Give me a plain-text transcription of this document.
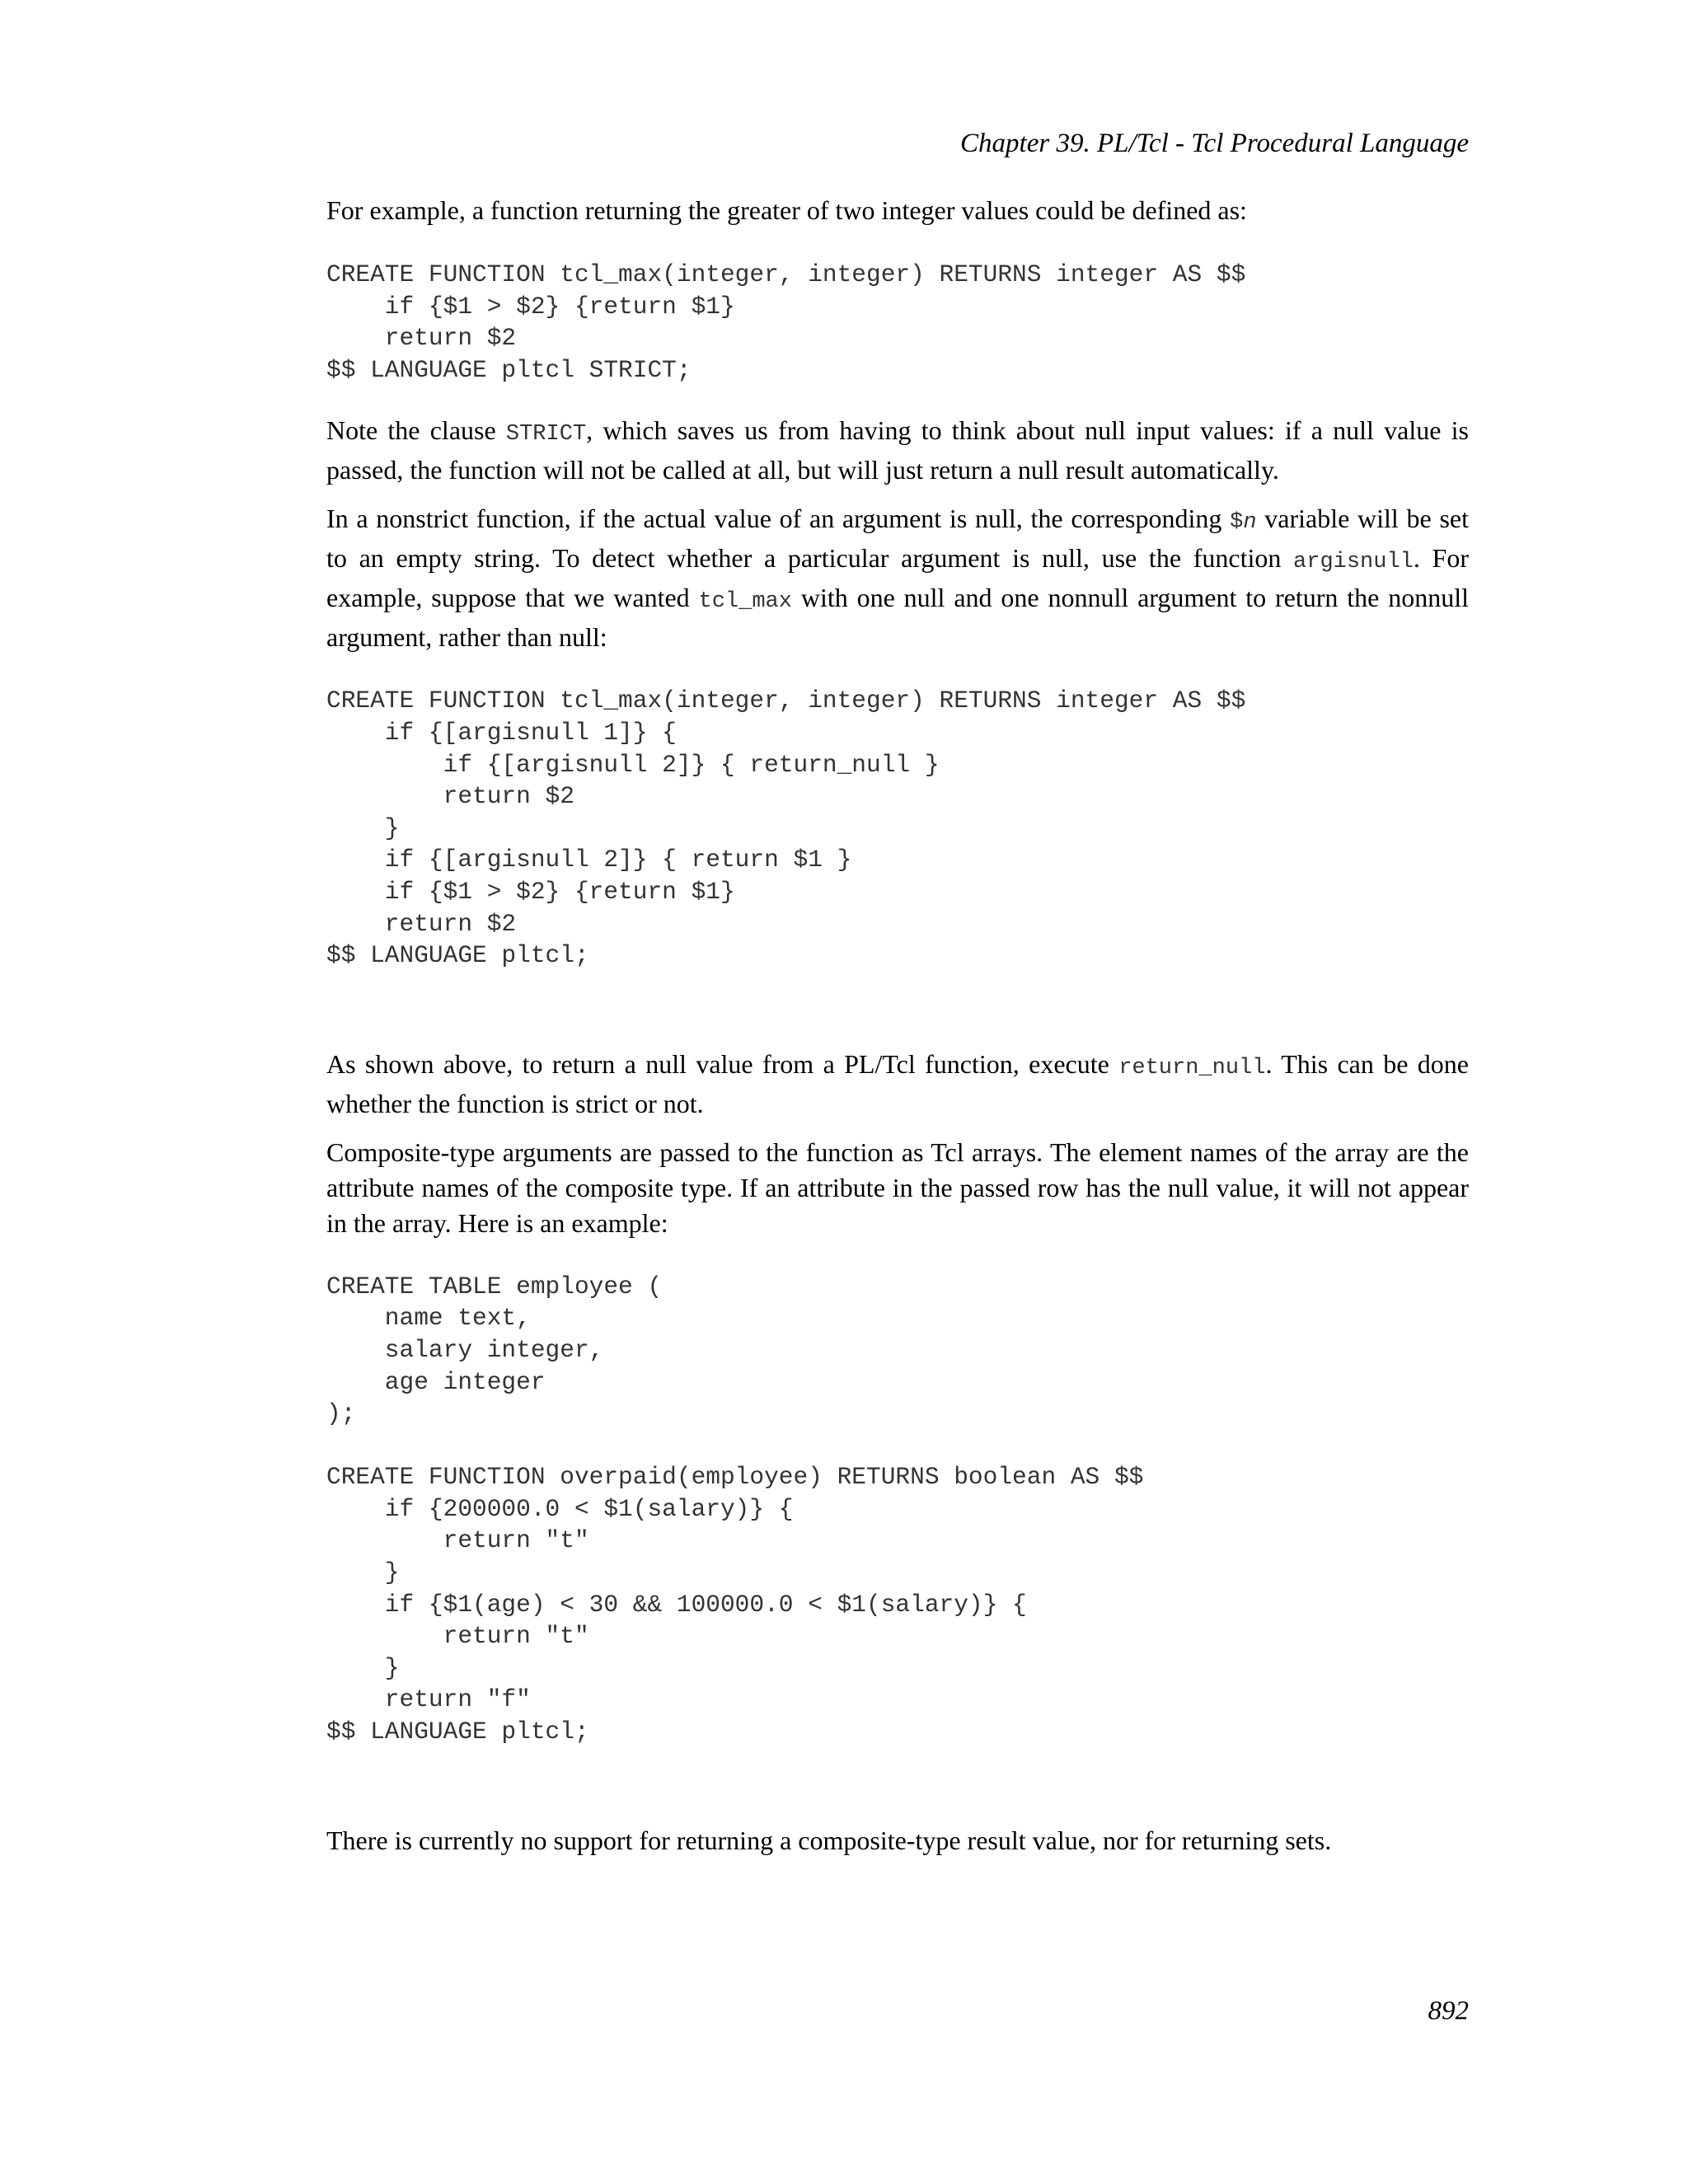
Chapter 39. PL/Tcl - Tcl Procedural Language

For example, a function returning the greater of two integer values could be defined as:

CREATE FUNCTION tcl_max(integer, integer) RETURNS integer AS $$
if {$1 > $2} {return $1}
return $2
$$ LANGUAGE pltcl STRICT;

Note the clause STRICT, which saves us from having to think about null input values: if a null value is passed, the function will not be called at all, but will just return a null result automatically.

In a nonstrict function, if the actual value of an argument is null, the corresponding $n variable will be set to an empty string. To detect whether a particular argument is null, use the function argisnull. For example, suppose that we wanted tcl_max with one null and one nonnull argument to return the nonnull argument, rather than null:

CREATE FUNCTION tcl_max(integer, integer) RETURNS integer AS $$
if {[argisnull 1]} {
if {[argisnull 2]} { return_null }
return $2
}
if {[argisnull 2]} { return $1 }
if {$1 > $2} {return $1}
return $2
$$ LANGUAGE pltcl;

As shown above, to return a null value from a PL/Tcl function, execute return_null. This can be done whether the function is strict or not.

Composite-type arguments are passed to the function as Tcl arrays. The element names of the array are the attribute names of the composite type. If an attribute in the passed row has the null value, it will not appear in the array. Here is an example:

CREATE TABLE employee (
name text,
salary integer,
age integer
);

CREATE FUNCTION overpaid(employee) RETURNS boolean AS $$
if {200000.0 < $1(salary)} {
return "t"
}
if {$1(age) < 30 && 100000.0 < $1(salary)} {
return "t"
}
return "f"
$$ LANGUAGE pltcl;

There is currently no support for returning a composite-type result value, nor for returning sets.

892
